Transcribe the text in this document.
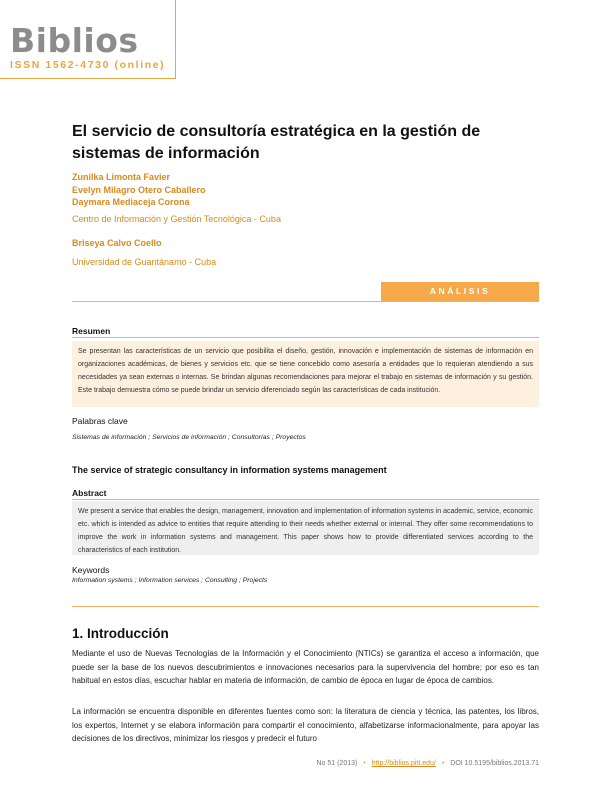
Biblios
ISSN 1562-4730 (online)
El servicio de consultoría estratégica en la gestión de sistemas de información
Zunilka Limonta Favier
Evelyn Milagro Otero Caballero
Daymara Mediaceja Corona
Centro de Información y Gestión Tecnológica - Cuba
Briseya Calvo Coello
Universidad de Guantánamo - Cuba
ANÁLISIS
Resumen
Se presentan las características de un servicio que posibilita el diseño, gestión, innovación e implementación de sistemas de información en organizaciones académicas, de bienes y servicios etc. que se tiene concebido como asesoría a entidades que lo requieran atendiendo a sus necesidades ya sean externas o internas. Se brindan algunas recomendaciones para mejorar el trabajo en sistemas de información y su gestión. Este trabajo demuestra cómo se puede brindar un servicio diferenciado según las características de cada institución.
Palabras clave
Sistemas de información ; Servicios de información ; Consultorías ; Proyectos
The service of strategic consultancy in information systems management
Abstract
We present a service that enables the design, management, innovation and implementation of information systems in academic, service, economic etc. which is intended as advice to entities that require attending to their needs whether external or internal. They offer some recommendations to improve the work in information systems and management. This paper shows how to provide differentiated services according to the characteristics of each institution.
Keywords
Information systems ; Information services ; Consulting ; Projects
1. Introducción
Mediante el uso de Nuevas Tecnologías de la Información y el Conocimiento (NTICs) se garantiza el acceso a información, que puede ser la base de los nuevos descubrimientos e innovaciones necesarios para la supervivencia del hombre; por eso es tan habitual en estos días, escuchar hablar en materia de información, de cambio de época en lugar de época de cambios.
La información se encuentra disponible en diferentes fuentes como son: la literatura de ciencia y técnica, las patentes, los libros, los expertos, Internet y se elabora información para compartir el conocimiento, alfabetizarse informacionalmente, para apoyar las decisiones de los directivos, minimizar los riesgos y predecir el futuro
No 51 (2013) • http://biblios.pitt.edu/ • DOI 10.5195/biblios.2013.71
